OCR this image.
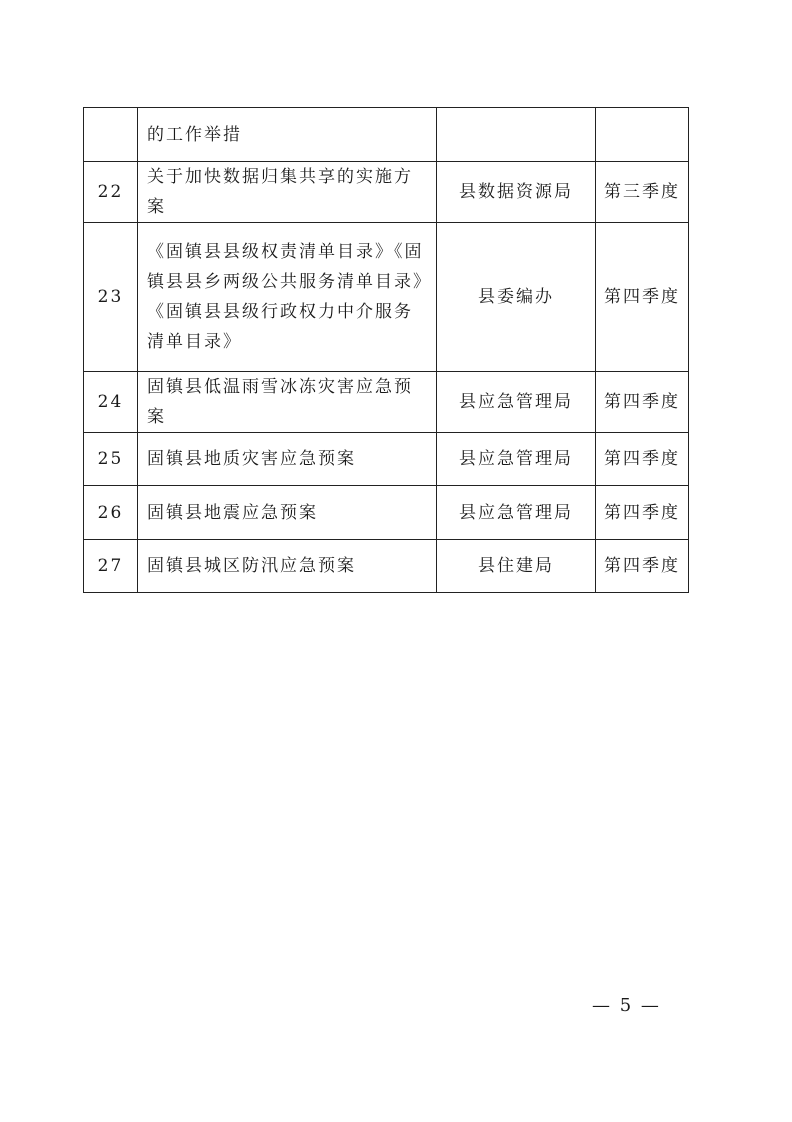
	的工作举措		

22	关于加快数据归集共享的实施方案	县数据资源局	第三季度
23	《固镇县县级权责清单目录》《固镇县县乡两级公共服务清单目录》《固镇县县级行政权力中介服务清单目录》	县委编办	第四季度
24	固镇县低温雨雪冰冻灾害应急预案	县应急管理局	第四季度
25	固镇县地质灾害应急预案	县应急管理局	第四季度
26	固镇县地震应急预案	县应急管理局	第四季度
27	固镇县城区防汛应急预案	县住建局	第四季度
— 5 —
